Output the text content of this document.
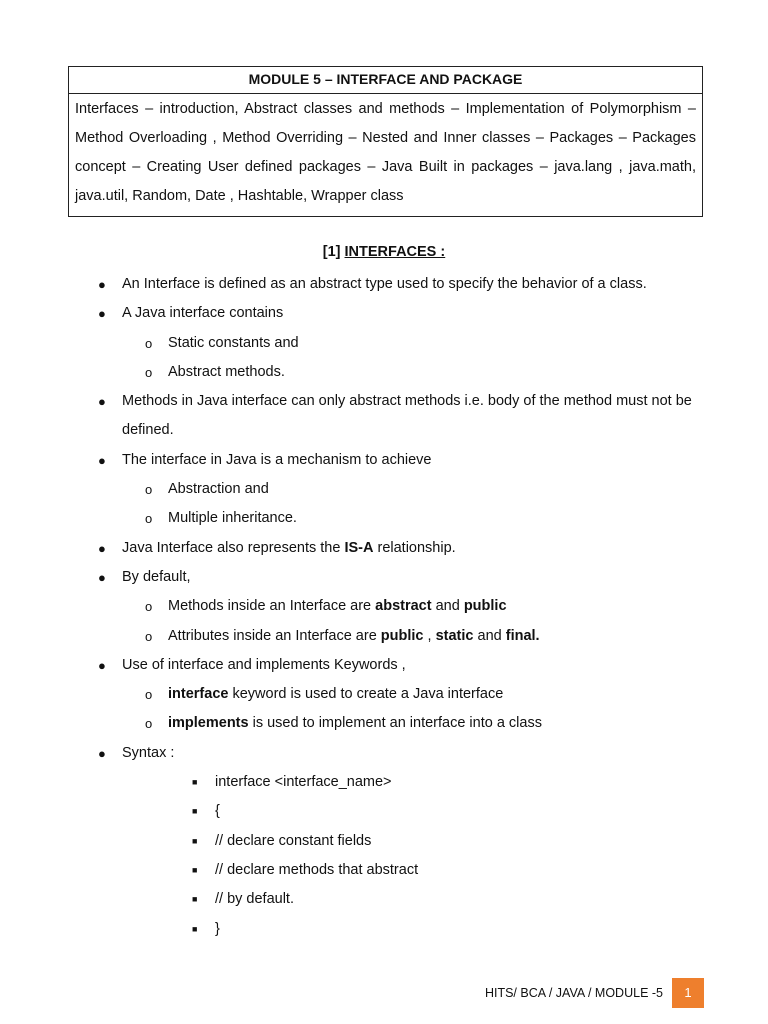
MODULE 5 – INTERFACE AND PACKAGE
Interfaces – introduction, Abstract classes and methods – Implementation of Polymorphism – Method Overloading , Method Overriding – Nested and Inner classes – Packages – Packages concept – Creating User defined packages – Java Built in packages – java.lang , java.math, java.util, Random, Date , Hashtable, Wrapper class
[1] INTERFACES :
● An Interface is defined as an abstract type used to specify the behavior of a class.
● A Java interface contains
o Static constants and
o Abstract methods.
● Methods in Java interface can only abstract methods i.e. body of the method must not be defined.
● The interface in Java is a mechanism to achieve
o Abstraction and
o Multiple inheritance.
● Java Interface also represents the IS-A relationship.
● By default,
o Methods inside an Interface are abstract and public
o Attributes inside an Interface are public , static and final.
● Use of interface and implements Keywords ,
o interface keyword is used to create a Java interface
o implements is used to implement an interface into a class
● Syntax :
■ interface <interface_name>
■ {
■ // declare constant fields
■ // declare methods that abstract
■ // by default.
■ }
HITS/ BCA / JAVA / MODULE -5	1
